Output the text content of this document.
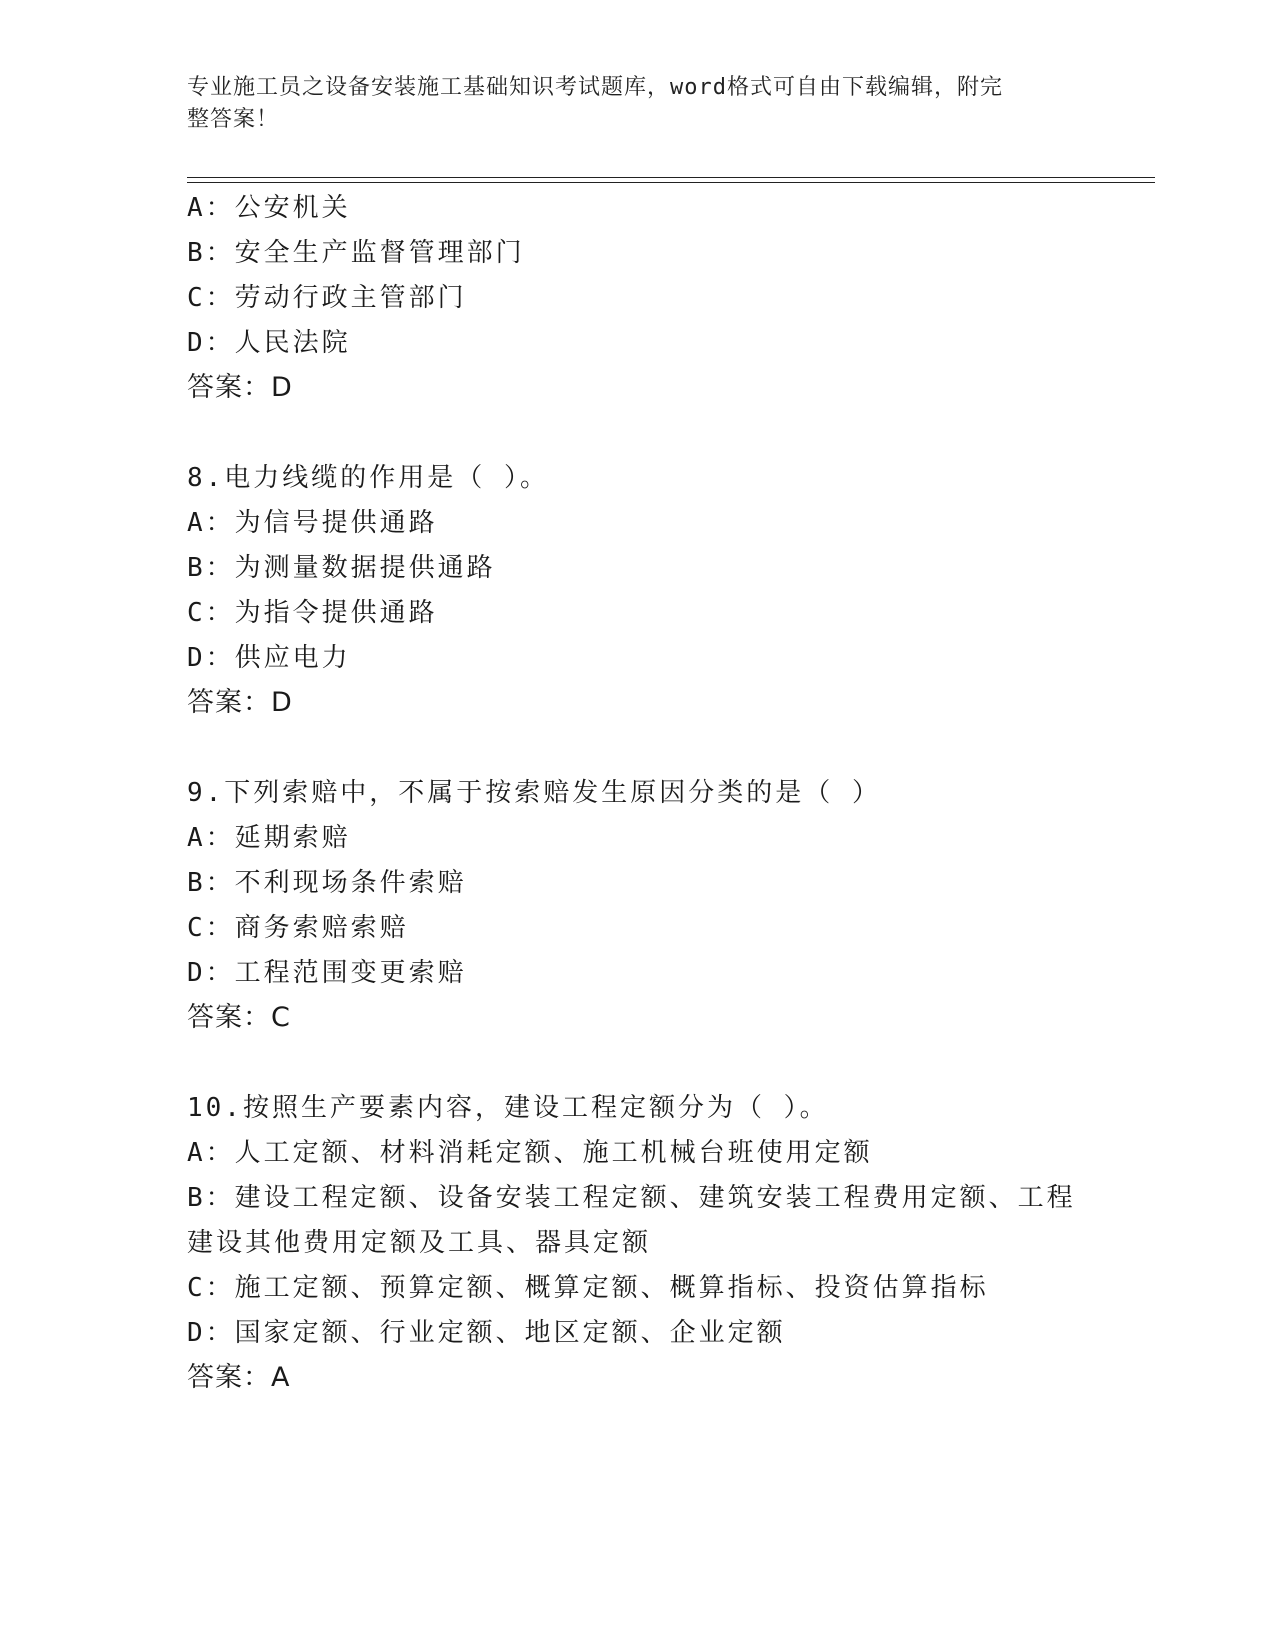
专业施工员之设备安装施工基础知识考试题库，word格式可自由下载编辑，附完
整答案！
A：公安机关
B：安全生产监督管理部门
C：劳动行政主管部门
D：人民法院
答案：D
8.电力线缆的作用是（ ）。
A：为信号提供通路
B：为测量数据提供通路
C：为指令提供通路
D：供应电力
答案：D
9.下列索赔中，不属于按索赔发生原因分类的是（ ）
A：延期索赔
B：不利现场条件索赔
C：商务索赔索赔
D：工程范围变更索赔
答案：C
10.按照生产要素内容，建设工程定额分为（ ）。
A：人工定额、材料消耗定额、施工机械台班使用定额
B：建设工程定额、设备安装工程定额、建筑安装工程费用定额、工程
建设其他费用定额及工具、器具定额
C：施工定额、预算定额、概算定额、概算指标、投资估算指标
D：国家定额、行业定额、地区定额、企业定额
答案：A
